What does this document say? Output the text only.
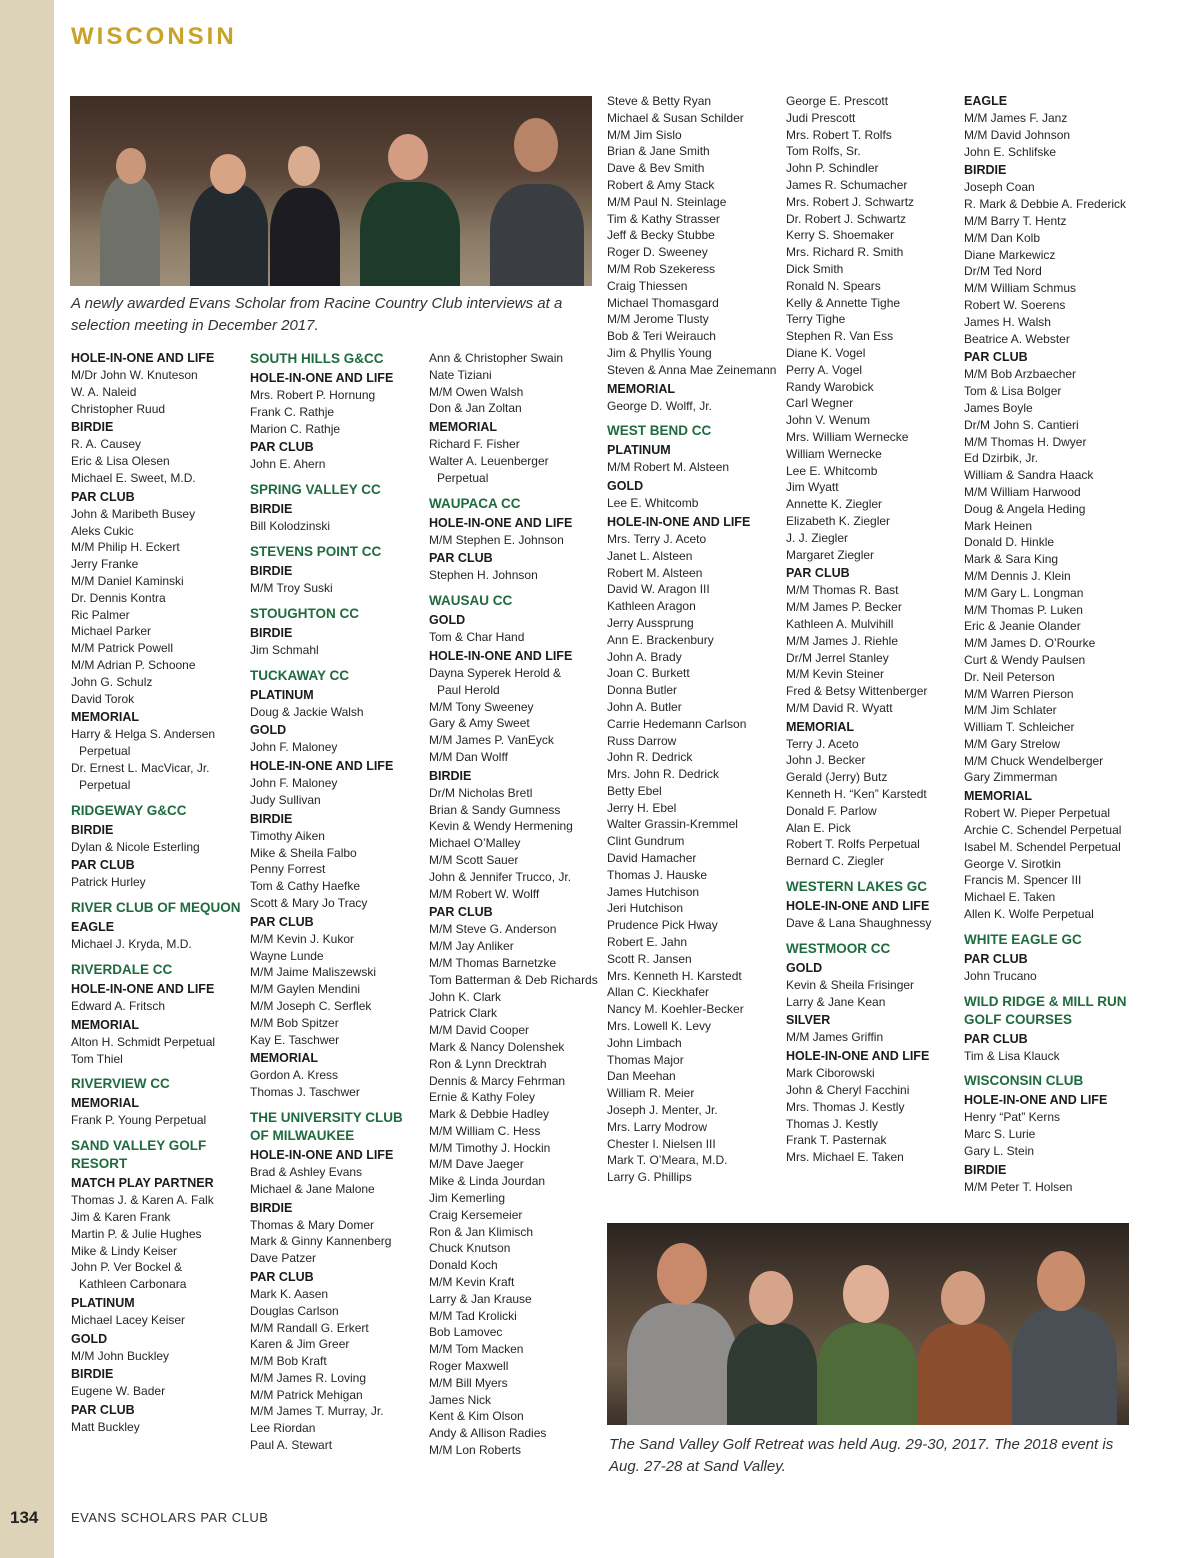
WISCONSIN
A newly awarded Evans Scholar from Racine Country Club interviews at a selection meeting in December 2017.
The Sand Valley Golf Retreat was held Aug. 29-30, 2017. The 2018 event is Aug. 27-28 at Sand Valley.
HOLE-IN-ONE AND LIFE
M/Dr John W. Knuteson
W. A. Naleid
Christopher Ruud
BIRDIE
R. A. Causey
Eric & Lisa Olesen
Michael E. Sweet, M.D.
PAR CLUB
John & Maribeth Busey
Aleks Cukic
M/M Philip H. Eckert
Jerry Franke
M/M Daniel Kaminski
Dr. Dennis Kontra
Ric Palmer
Michael Parker
M/M Patrick Powell
M/M Adrian P. Schoone
John G. Schulz
David Torok
MEMORIAL
Harry & Helga S. Andersen
Perpetual
Dr. Ernest L. MacVicar, Jr.
Perpetual
RIDGEWAY G&CC
BIRDIE
Dylan & Nicole Esterling
PAR CLUB
Patrick Hurley
RIVER CLUB OF MEQUON
EAGLE
Michael J. Kryda, M.D.
RIVERDALE CC
HOLE-IN-ONE AND LIFE
Edward A. Fritsch
MEMORIAL
Alton H. Schmidt Perpetual
Tom Thiel
RIVERVIEW CC
MEMORIAL
Frank P. Young Perpetual
SAND VALLEY GOLF RESORT
MATCH PLAY PARTNER
Thomas J. & Karen A. Falk
Jim & Karen Frank
Martin P. & Julie Hughes
Mike & Lindy Keiser
John P. Ver Bockel &
Kathleen Carbonara
PLATINUM
Michael Lacey Keiser
GOLD
M/M John Buckley
BIRDIE
Eugene W. Bader
PAR CLUB
Matt Buckley
SOUTH HILLS G&CC
HOLE-IN-ONE AND LIFE
Mrs. Robert P. Hornung
Frank C. Rathje
Marion C. Rathje
PAR CLUB
John E. Ahern
SPRING VALLEY CC
BIRDIE
Bill Kolodzinski
STEVENS POINT CC
BIRDIE
M/M Troy Suski
STOUGHTON CC
BIRDIE
Jim Schmahl
TUCKAWAY CC
PLATINUM
Doug & Jackie Walsh
GOLD
John F. Maloney
HOLE-IN-ONE AND LIFE
John F. Maloney
Judy Sullivan
BIRDIE
Timothy Aiken
Mike & Sheila Falbo
Penny Forrest
Tom & Cathy Haefke
Scott & Mary Jo Tracy
PAR CLUB
M/M Kevin J. Kukor
Wayne Lunde
M/M Jaime Maliszewski
M/M Gaylen Mendini
M/M Joseph C. Serflek
M/M Bob Spitzer
Kay E. Taschwer
MEMORIAL
Gordon A. Kress
Thomas J. Taschwer
THE UNIVERSITY CLUB OF MILWAUKEE
HOLE-IN-ONE AND LIFE
Brad & Ashley Evans
Michael & Jane Malone
BIRDIE
Thomas & Mary Domer
Mark & Ginny Kannenberg
Dave Patzer
PAR CLUB
Mark K. Aasen
Douglas Carlson
M/M Randall G. Erkert
Karen & Jim Greer
M/M Bob Kraft
M/M James R. Loving
M/M Patrick Mehigan
M/M James T. Murray, Jr.
Lee Riordan
Paul A. Stewart
Ann & Christopher Swain
Nate Tiziani
M/M Owen Walsh
Don & Jan Zoltan
MEMORIAL
Richard F. Fisher
Walter A. Leuenberger
Perpetual
WAUPACA CC
HOLE-IN-ONE AND LIFE
M/M Stephen E. Johnson
PAR CLUB
Stephen H. Johnson
WAUSAU CC
GOLD
Tom & Char Hand
HOLE-IN-ONE AND LIFE
Dayna Syperek Herold &
Paul Herold
M/M Tony Sweeney
Gary & Amy Sweet
M/M James P. VanEyck
M/M Dan Wolff
BIRDIE
Dr/M Nicholas Bretl
Brian & Sandy Gumness
Kevin & Wendy Hermening
Michael O’Malley
M/M Scott Sauer
John & Jennifer Trucco, Jr.
M/M Robert W. Wolff
PAR CLUB
M/M Steve G. Anderson
M/M Jay Anliker
M/M Thomas Barnetzke
Tom Batterman & Deb Richards
John K. Clark
Patrick Clark
M/M David Cooper
Mark & Nancy Dolenshek
Ron & Lynn Drecktrah
Dennis & Marcy Fehrman
Ernie & Kathy Foley
Mark & Debbie Hadley
M/M William C. Hess
M/M Timothy J. Hockin
M/M Dave Jaeger
Mike & Linda Jourdan
Jim Kemerling
Craig Kersemeier
Ron & Jan Klimisch
Chuck Knutson
Donald Koch
M/M Kevin Kraft
Larry & Jan Krause
M/M Tad Krolicki
Bob Lamovec
M/M Tom Macken
Roger Maxwell
M/M Bill Myers
James Nick
Kent & Kim Olson
Andy & Allison Radies
M/M Lon Roberts
Steve & Betty Ryan
Michael & Susan Schilder
M/M Jim Sislo
Brian & Jane Smith
Dave & Bev Smith
Robert & Amy Stack
M/M Paul N. Steinlage
Tim & Kathy Strasser
Jeff & Becky Stubbe
Roger D. Sweeney
M/M Rob Szekeress
Craig Thiessen
Michael Thomasgard
M/M Jerome Tlusty
Bob & Teri Weirauch
Jim & Phyllis Young
Steven & Anna Mae Zeinemann
MEMORIAL
George D. Wolff, Jr.
WEST BEND CC
PLATINUM
M/M Robert M. Alsteen
GOLD
Lee E. Whitcomb
HOLE-IN-ONE AND LIFE
Mrs. Terry J. Aceto
Janet L. Alsteen
Robert M. Alsteen
David W. Aragon III
Kathleen Aragon
Jerry Aussprung
Ann E. Brackenbury
John A. Brady
Joan C. Burkett
Donna Butler
John A. Butler
Carrie Hedemann Carlson
Russ Darrow
John R. Dedrick
Mrs. John R. Dedrick
Betty Ebel
Jerry H. Ebel
Walter Grassin-Kremmel
Clint Gundrum
David Hamacher
Thomas J. Hauske
James Hutchison
Jeri Hutchison
Prudence Pick Hway
Robert E. Jahn
Scott R. Jansen
Mrs. Kenneth H. Karstedt
Allan C. Kieckhafer
Nancy M. Koehler-Becker
Mrs. Lowell K. Levy
John Limbach
Thomas Major
Dan Meehan
William R. Meier
Joseph J. Menter, Jr.
Mrs. Larry Modrow
Chester I. Nielsen III
Mark T. O’Meara, M.D.
Larry G. Phillips
George E. Prescott
Judi Prescott
Mrs. Robert T. Rolfs
Tom Rolfs, Sr.
John P. Schindler
James R. Schumacher
Mrs. Robert J. Schwartz
Dr. Robert J. Schwartz
Kerry S. Shoemaker
Mrs. Richard R. Smith
Dick Smith
Ronald N. Spears
Kelly & Annette Tighe
Terry Tighe
Stephen R. Van Ess
Diane K. Vogel
Perry A. Vogel
Randy Warobick
Carl Wegner
John V. Wenum
Mrs. William Wernecke
William Wernecke
Lee E. Whitcomb
Jim Wyatt
Annette K. Ziegler
Elizabeth K. Ziegler
J. J. Ziegler
Margaret Ziegler
PAR CLUB
M/M Thomas R. Bast
M/M James P. Becker
Kathleen A. Mulvihill
M/M James J. Riehle
Dr/M Jerrel Stanley
M/M Kevin Steiner
Fred & Betsy Wittenberger
M/M David R. Wyatt
MEMORIAL
Terry J. Aceto
John J. Becker
Gerald (Jerry) Butz
Kenneth H. “Ken” Karstedt
Donald F. Parlow
Alan E. Pick
Robert T. Rolfs Perpetual
Bernard C. Ziegler
WESTERN LAKES GC
HOLE-IN-ONE AND LIFE
Dave & Lana Shaughnessy
WESTMOOR CC
GOLD
Kevin & Sheila Frisinger
Larry & Jane Kean
SILVER
M/M James Griffin
HOLE-IN-ONE AND LIFE
Mark Ciborowski
John & Cheryl Facchini
Mrs. Thomas J. Kestly
Thomas J. Kestly
Frank T. Pasternak
Mrs. Michael E. Taken
EAGLE
M/M James F. Janz
M/M David Johnson
John E. Schlifske
BIRDIE
Joseph Coan
R. Mark & Debbie A. Frederick
M/M Barry T. Hentz
M/M Dan Kolb
Diane Markewicz
Dr/M Ted Nord
M/M William Schmus
Robert W. Soerens
James H. Walsh
Beatrice A. Webster
PAR CLUB
M/M Bob Arzbaecher
Tom & Lisa Bolger
James Boyle
Dr/M John S. Cantieri
M/M Thomas H. Dwyer
Ed Dzirbik, Jr.
William & Sandra Haack
M/M William Harwood
Doug & Angela Heding
Mark Heinen
Donald D. Hinkle
Mark & Sara King
M/M Dennis J. Klein
M/M Gary L. Longman
M/M Thomas P. Luken
Eric & Jeanie Olander
M/M James D. O’Rourke
Curt & Wendy Paulsen
Dr. Neil Peterson
M/M Warren Pierson
M/M Jim Schlater
William T. Schleicher
M/M Gary Strelow
M/M Chuck Wendelberger
Gary Zimmerman
MEMORIAL
Robert W. Pieper Perpetual
Archie C. Schendel Perpetual
Isabel M. Schendel Perpetual
George V. Sirotkin
Francis M. Spencer III
Michael E. Taken
Allen K. Wolfe Perpetual
WHITE EAGLE GC
PAR CLUB
John Trucano
WILD RIDGE & MILL RUN GOLF COURSES
PAR CLUB
Tim & Lisa Klauck
WISCONSIN CLUB
HOLE-IN-ONE AND LIFE
Henry “Pat” Kerns
Marc S. Lurie
Gary L. Stein
BIRDIE
M/M Peter T. Holsen
134	EVANS SCHOLARS PAR CLUB
